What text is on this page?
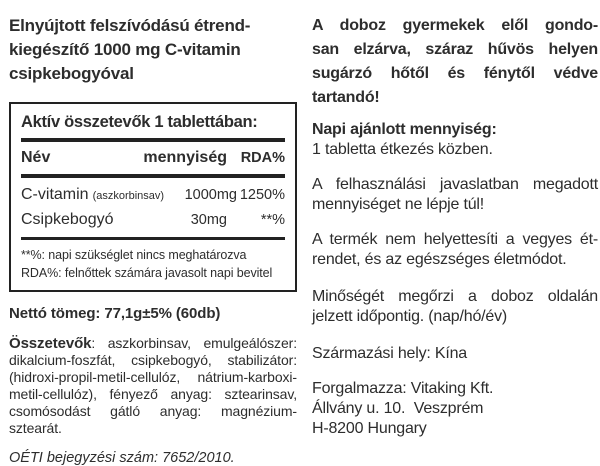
Elnyújtott felszívódású étrend-
kiegészítő 1000 mg C-vitamin
csipkebogyóval
Aktív összetevők 1 tablettában:
Név	mennyiség RDA%
C-vitamin (aszkorbinsav)	1000mg 1250%
Csipkebogyó	30mg	**%
**%: napi szükséglet nincs meghatározva
RDA%: felnőttek számára javasolt napi bevitel
Nettó tömeg: 77,1g±5% (60db)
Összetevők: aszkorbinsav, emulgeálószer:
dikalcium-foszfát, csipkebogyó, stabilizátor:
(hidroxi-propil-metil-cellulóz, nátrium-karboxi-
metil-cellulóz), fényező anyag: sztearinsav,
csomósodást gátló anyag: magnézium-sztearát.
OÉTI bejegyzési szám: 7652/2010.
A doboz gyermekek elől gondo-
san elzárva, száraz hűvös helyen
sugárzó hőtől és fénytől védve
tartandó!
Napi ajánlott mennyiség:
1 tabletta étkezés közben.
A felhasználási javaslatban megadott
mennyiséget ne lépje túl!
A termék nem helyettesíti a vegyes ét-
rendet, és az egészséges életmódot.
Minőségét megőrzi a doboz oldalán
jelzett időpontig. (nap/hó/év)
Származási hely: Kína
Forgalmazza: Vitaking Kft.
Állvány u. 10.  Veszprém
H-8200 Hungary
